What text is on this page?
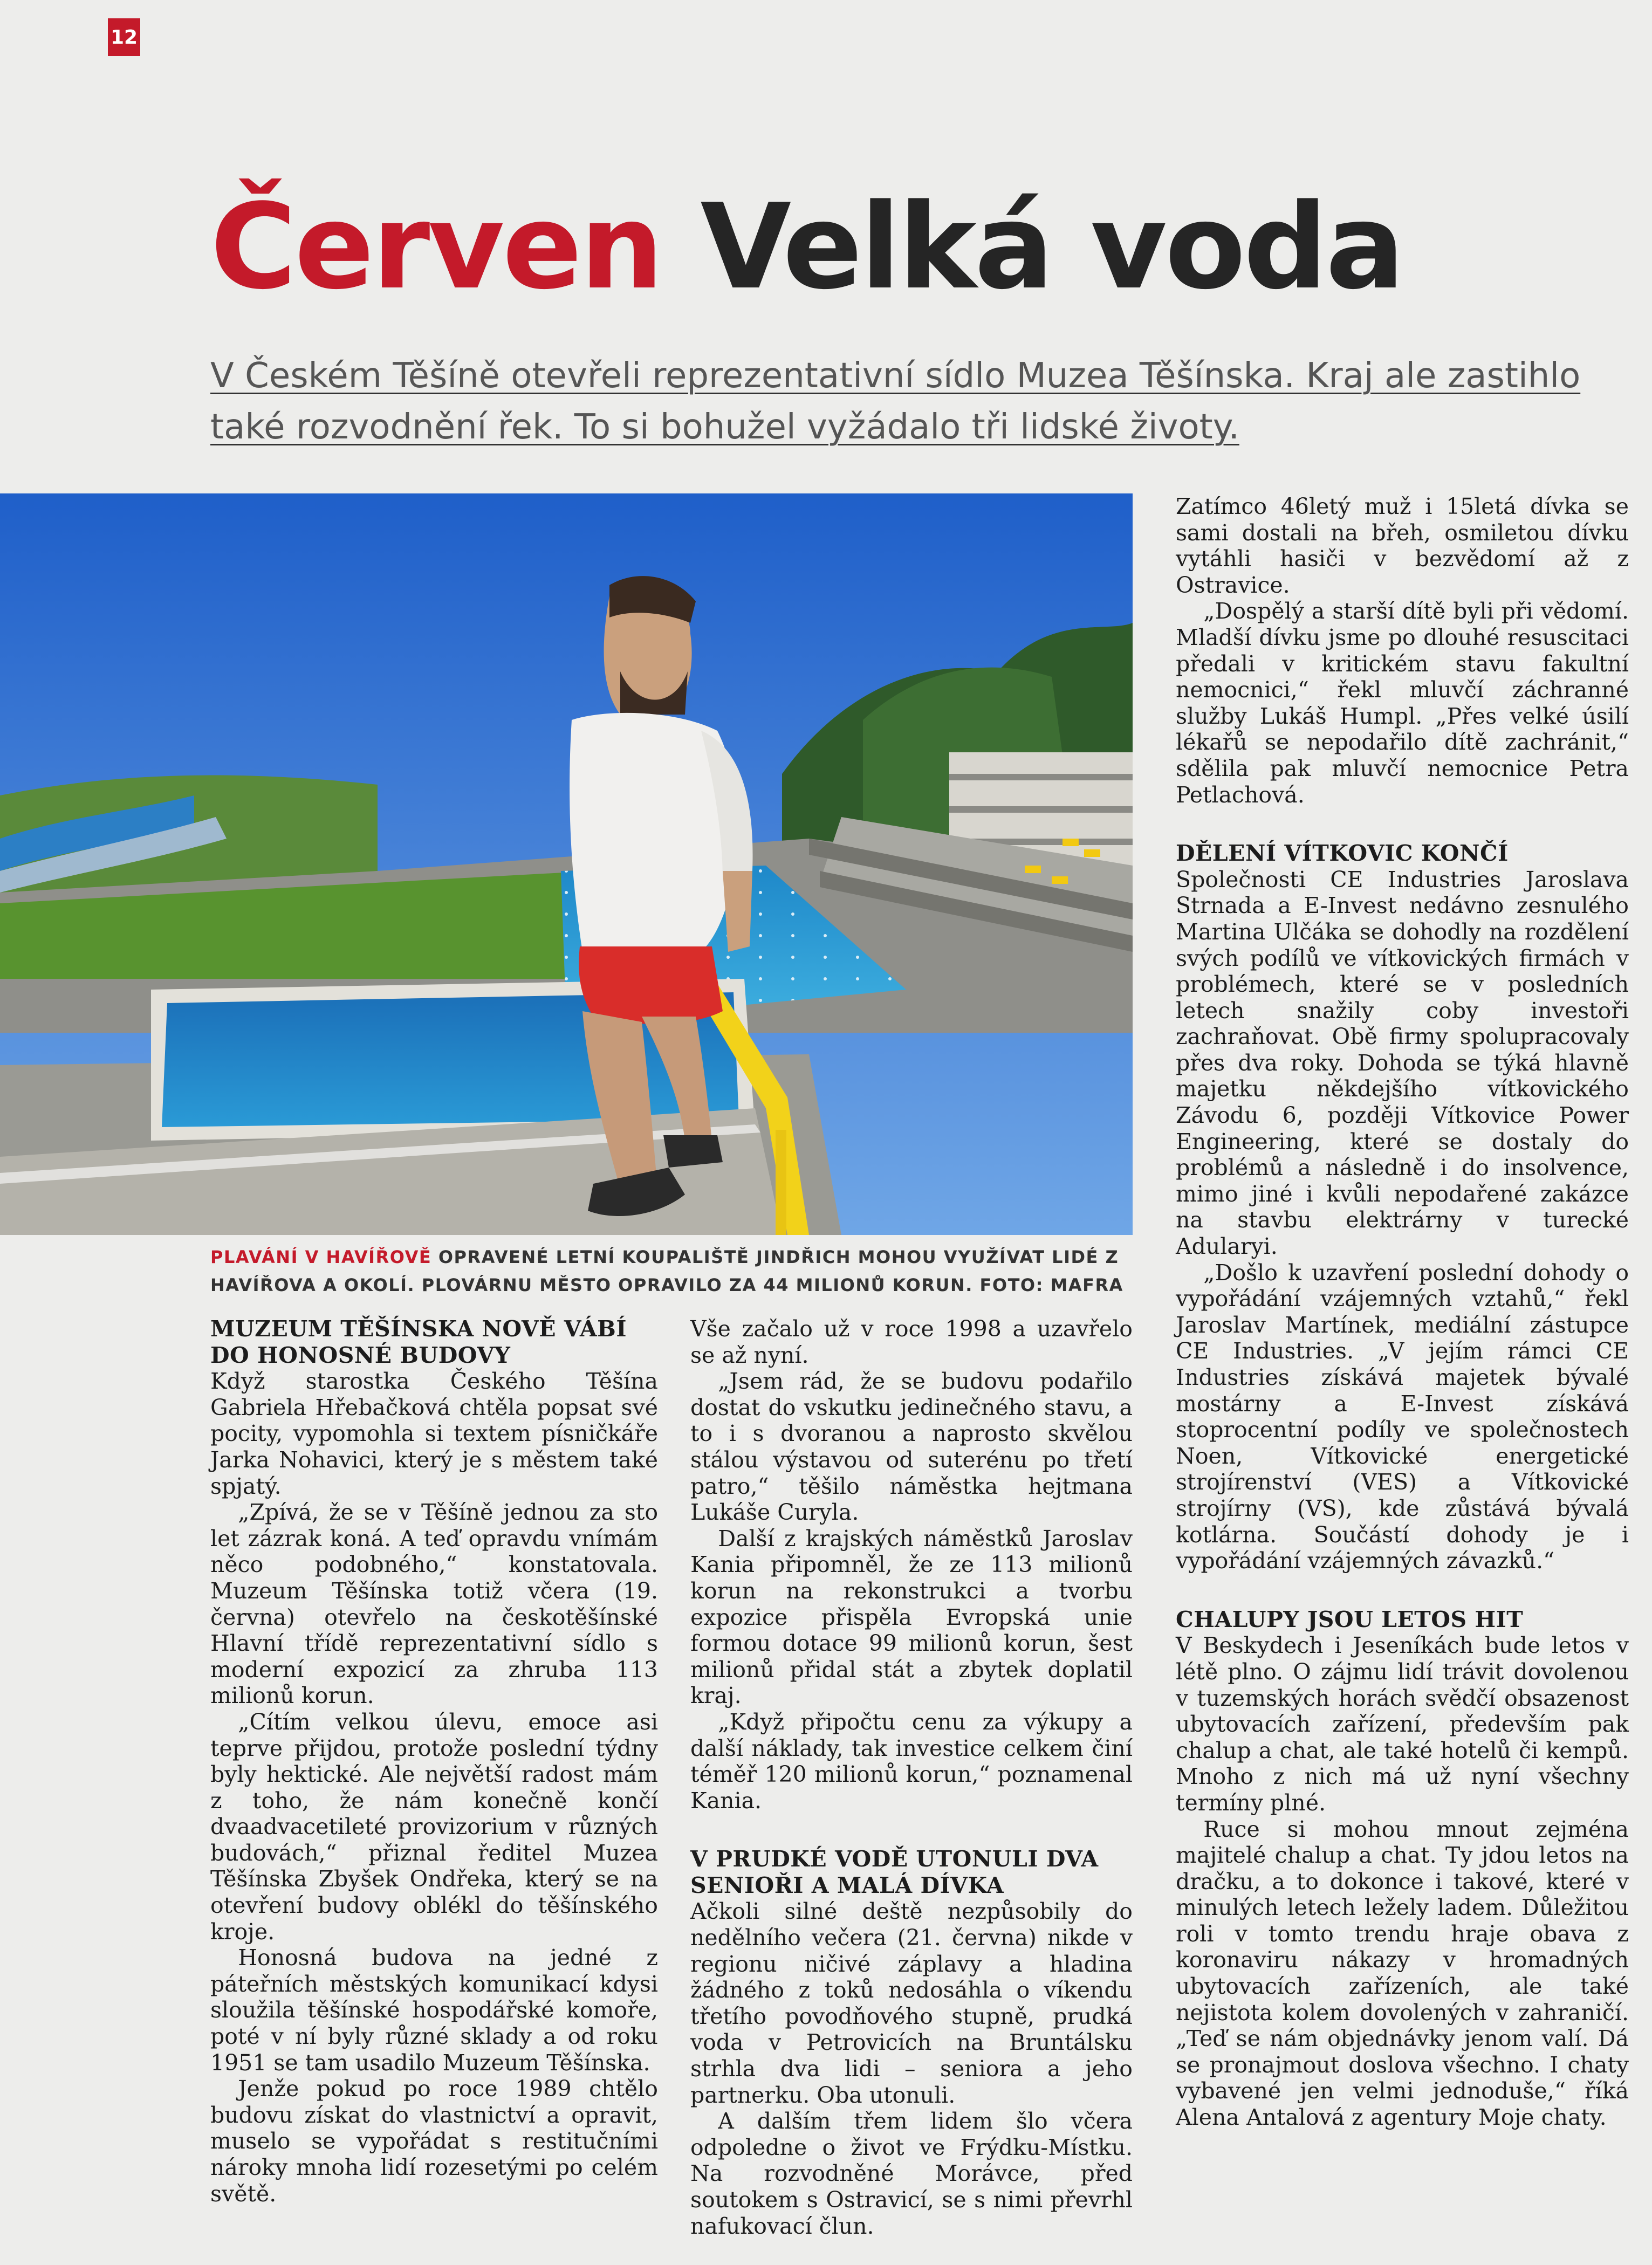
12
Červen Velká voda

V Českém Těšíně otevřeli reprezentativní sídlo Muzea Těšínska. Kraj ale zastihlo také rozvodnění řek. To si bohužel vyžádalo tři lidské životy.

PLAVÁNÍ V HAVÍŘOVĚ OPRAVENÉ LETNÍ KOUPALIŠTĚ JINDŘICH MOHOU VYUŽÍVAT LIDÉ Z HAVÍŘOVA A OKOLÍ. PLOVÁRNU MĚSTO OPRAVILO ZA 44 MILIONŮ KORUN. FOTO: MAFRA

MUZEUM TĚŠÍNSKA NOVĚ VÁBÍ DO HONOSNÉ BUDOVY

Když starostka Českého Těšína Gabriela Hřebačková chtěla popsat své pocity, vypomohla si textem písničkáře Jarka Nohavici, který je s městem také spjatý.

„Zpívá, že se v Těšíně jednou za sto let zázrak koná. A teď opravdu vnímám něco podobného,“ konstatovala. Muzeum Těšínska totiž včera (19. června) otevřelo na českotěšínské Hlavní třídě reprezentativní sídlo s moderní expozicí za zhruba 113 milionů korun.

„Cítím velkou úlevu, emoce asi teprve přijdou, protože poslední týdny byly hektické. Ale největší radost mám z toho, že nám konečně končí dvaadvacetileté provizorium v různých budovách,“ přiznal ředitel Muzea Těšínska Zbyšek Ondřeka, který se na otevření budovy oblékl do těšínského kroje.

Honosná budova na jedné z páteřních městských komunikací kdysi sloužila těšínské hospodářské komoře, poté v ní byly různé sklady a od roku 1951 se tam usadilo Muzeum Těšínska.

Jenže pokud po roce 1989 chtělo budovu získat do vlastnictví a opravit, muselo se vypořádat s restitučními nároky mnoha lidí rozesetými po celém světě.

Vše začalo už v roce 1998 a uzavřelo se až nyní.

„Jsem rád, že se budovu podařilo dostat do vskutku jedinečného stavu, a to i s dvoranou a naprosto skvělou stálou výstavou od suterénu po třetí patro,“ těšilo náměstka hejtmana Lukáše Curyla.

Další z krajských náměstků Jaroslav Kania připomněl, že ze 113 milionů korun na rekonstrukci a tvorbu expozice přispěla Evropská unie formou dotace 99 milionů korun, šest milionů přidal stát a zbytek doplatil kraj.

„Když připočtu cenu za výkupy a další náklady, tak investice celkem činí téměř 120 milionů korun,“ poznamenal Kania.

V PRUDKÉ VODĚ UTONULI DVA SENIOŘI A MALÁ DÍVKA

Ačkoli silné deště nezpůsobily do nedělního večera (21. června) nikde v regionu ničivé záplavy a hladina žádného z toků nedosáhla o víkendu třetího povodňového stupně, prudká voda v Petrovicích na Bruntálsku strhla dva lidi – seniora a jeho partnerku. Oba utonuli.

A dalším třem lidem šlo včera odpoledne o život ve Frýdku-Místku. Na rozvodněné Morávce, před soutokem s Ostravicí, se s nimi převrhl nafukovací člun.

Zatímco 46letý muž i 15letá dívka se sami dostali na břeh, osmiletou dívku vytáhli hasiči v bezvědomí až z Ostravice.

„Dospělý a starší dítě byli při vědomí. Mladší dívku jsme po dlouhé resuscitaci předali v kritickém stavu fakultní nemocnici,“ řekl mluvčí záchranné služby Lukáš Humpl. „Přes velké úsilí lékařů se nepodařilo dítě zachránit,“ sdělila pak mluvčí nemocnice Petra Petlachová.

DĚLENÍ VÍTKOVIC KONČÍ

Společnosti CE Industries Jaroslava Strnada a E-Invest nedávno zesnulého Martina Ulčáka se dohodly na rozdělení svých podílů ve vítkovických firmách v problémech, které se v posledních letech snažily coby investoři zachraňovat. Obě firmy spolupracovaly přes dva roky. Dohoda se týká hlavně majetku někdejšího vítkovického Závodu 6, později Vítkovice Power Engineering, které se dostaly do problémů a následně i do insolvence, mimo jiné i kvůli nepodařené zakázce na stavbu elektrárny v turecké Adularyi.

„Došlo k uzavření poslední dohody o vypořádání vzájemných vztahů,“ řekl Jaroslav Martínek, mediální zástupce CE Industries. „V jejím rámci CE Industries získává majetek bývalé mostárny a E-Invest získává stoprocentní podíly ve společnostech Noen, Vítkovické energetické strojírenství (VES) a Vítkovické strojírny (VS), kde zůstává bývalá kotlárna. Součástí dohody je i vypořádání vzájemných závazků.“

CHALUPY JSOU LETOS HIT

V Beskydech i Jeseníkách bude letos v létě plno. O zájmu lidí trávit dovolenou v tuzemských horách svědčí obsazenost ubytovacích zařízení, především pak chalup a chat, ale také hotelů či kempů. Mnoho z nich má už nyní všechny termíny plné.

Ruce si mohou mnout zejména majitelé chalup a chat. Ty jdou letos na dračku, a to dokonce i takové, které v minulých letech ležely ladem. Důležitou roli v tomto trendu hraje obava z koronaviru nákazy v hromadných ubytovacích zařízeních, ale také nejistota kolem dovolených v zahraničí. „Teď se nám objednávky jenom valí. Dá se pronajmout doslova všechno. I chaty vybavené jen velmi jednoduše,“ říká Alena Antalová z agentury Moje chaty.
